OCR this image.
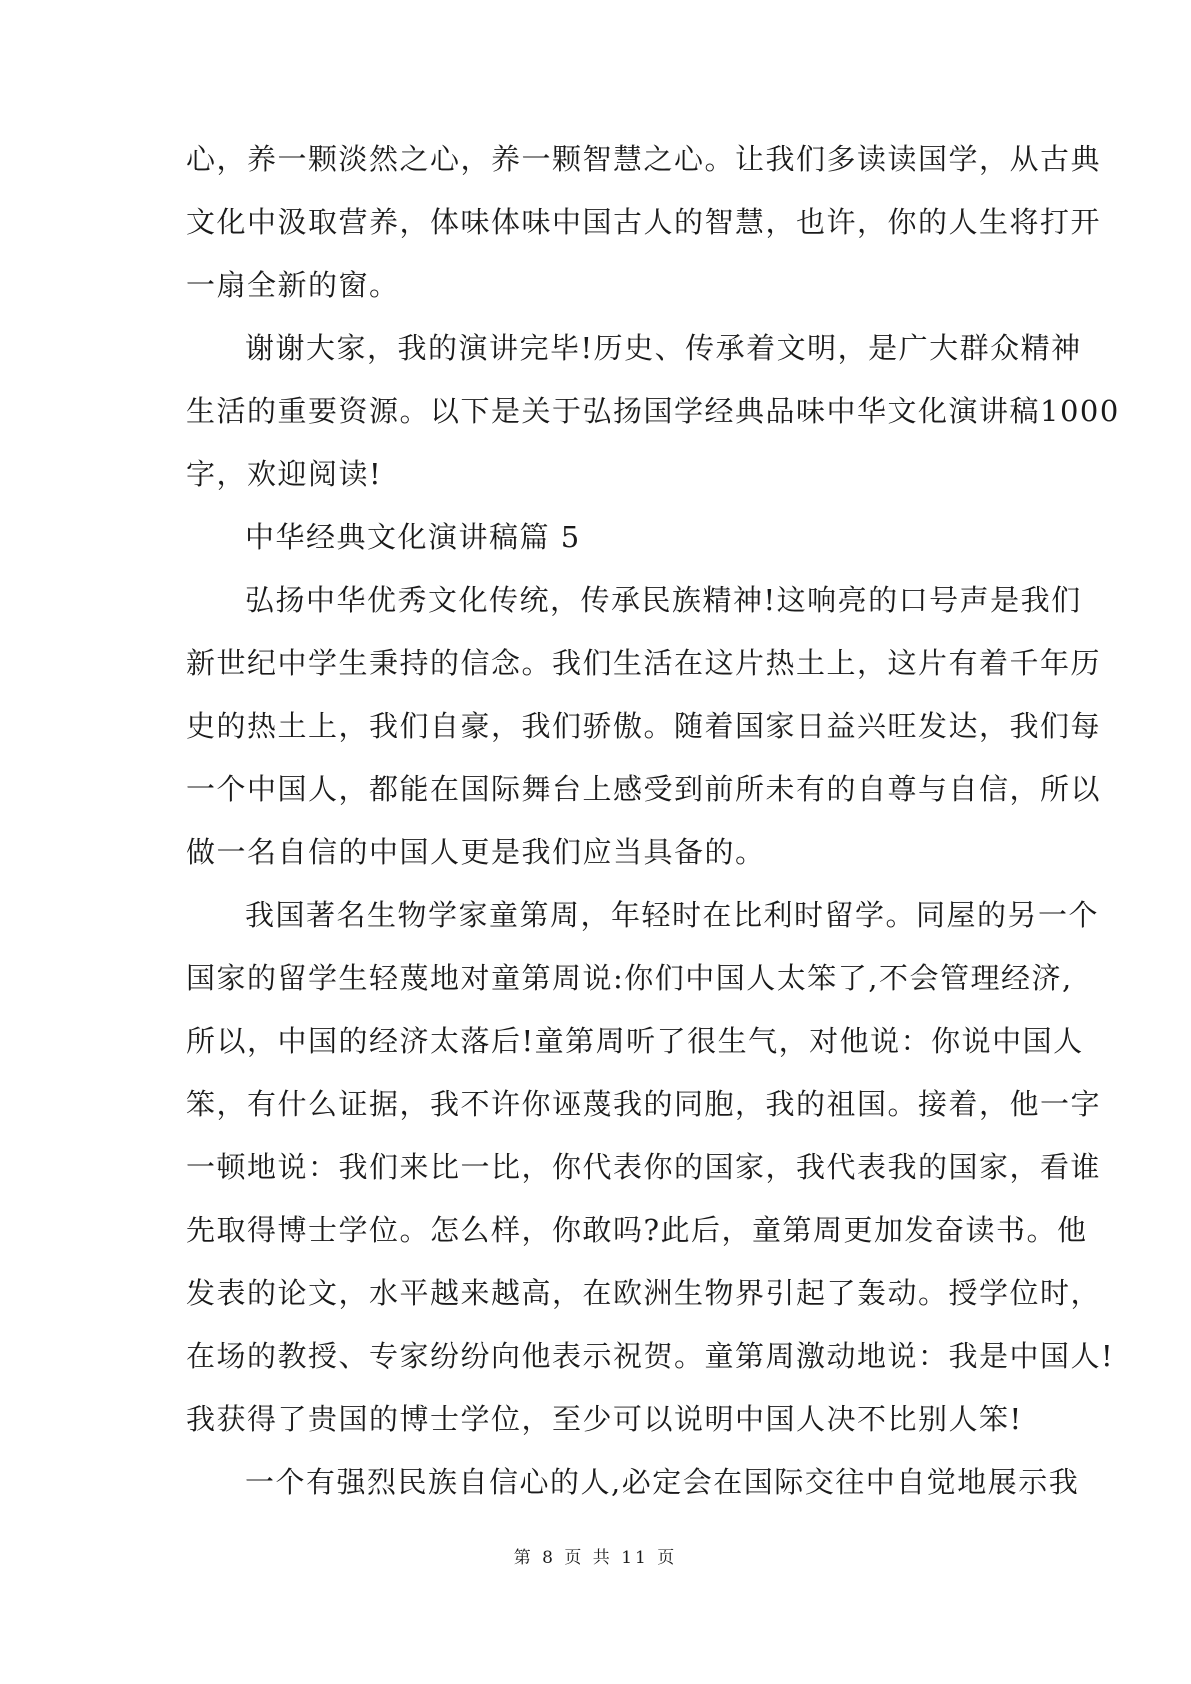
心，养一颗淡然之心，养一颗智慧之心。让我们多读读国学，从古典
文化中汲取营养，体味体味中国古人的智慧，也许，你的人生将打开
一扇全新的窗。
谢谢大家，我的演讲完毕!历史、传承着文明，是广大群众精神
生活的重要资源。以下是关于弘扬国学经典品味中华文化演讲稿1000
字，欢迎阅读!
中华经典文化演讲稿篇 5
弘扬中华优秀文化传统，传承民族精神!这响亮的口号声是我们
新世纪中学生秉持的信念。我们生活在这片热土上，这片有着千年历
史的热土上，我们自豪，我们骄傲。随着国家日益兴旺发达，我们每
一个中国人，都能在国际舞台上感受到前所未有的自尊与自信，所以
做一名自信的中国人更是我们应当具备的。
我国著名生物学家童第周，年轻时在比利时留学。同屋的另一个
国家的留学生轻蔑地对童第周说:你们中国人太笨了,不会管理经济,
所以，中国的经济太落后!童第周听了很生气，对他说：你说中国人
笨，有什么证据，我不许你诬蔑我的同胞，我的祖国。接着，他一字
一顿地说：我们来比一比，你代表你的国家，我代表我的国家，看谁
先取得博士学位。怎么样，你敢吗?此后，童第周更加发奋读书。他
发表的论文，水平越来越高，在欧洲生物界引起了轰动。授学位时，
在场的教授、专家纷纷向他表示祝贺。童第周激动地说：我是中国人!
我获得了贵国的博士学位，至少可以说明中国人决不比别人笨!
一个有强烈民族自信心的人,必定会在国际交往中自觉地展示我
第 8 页 共 11 页
